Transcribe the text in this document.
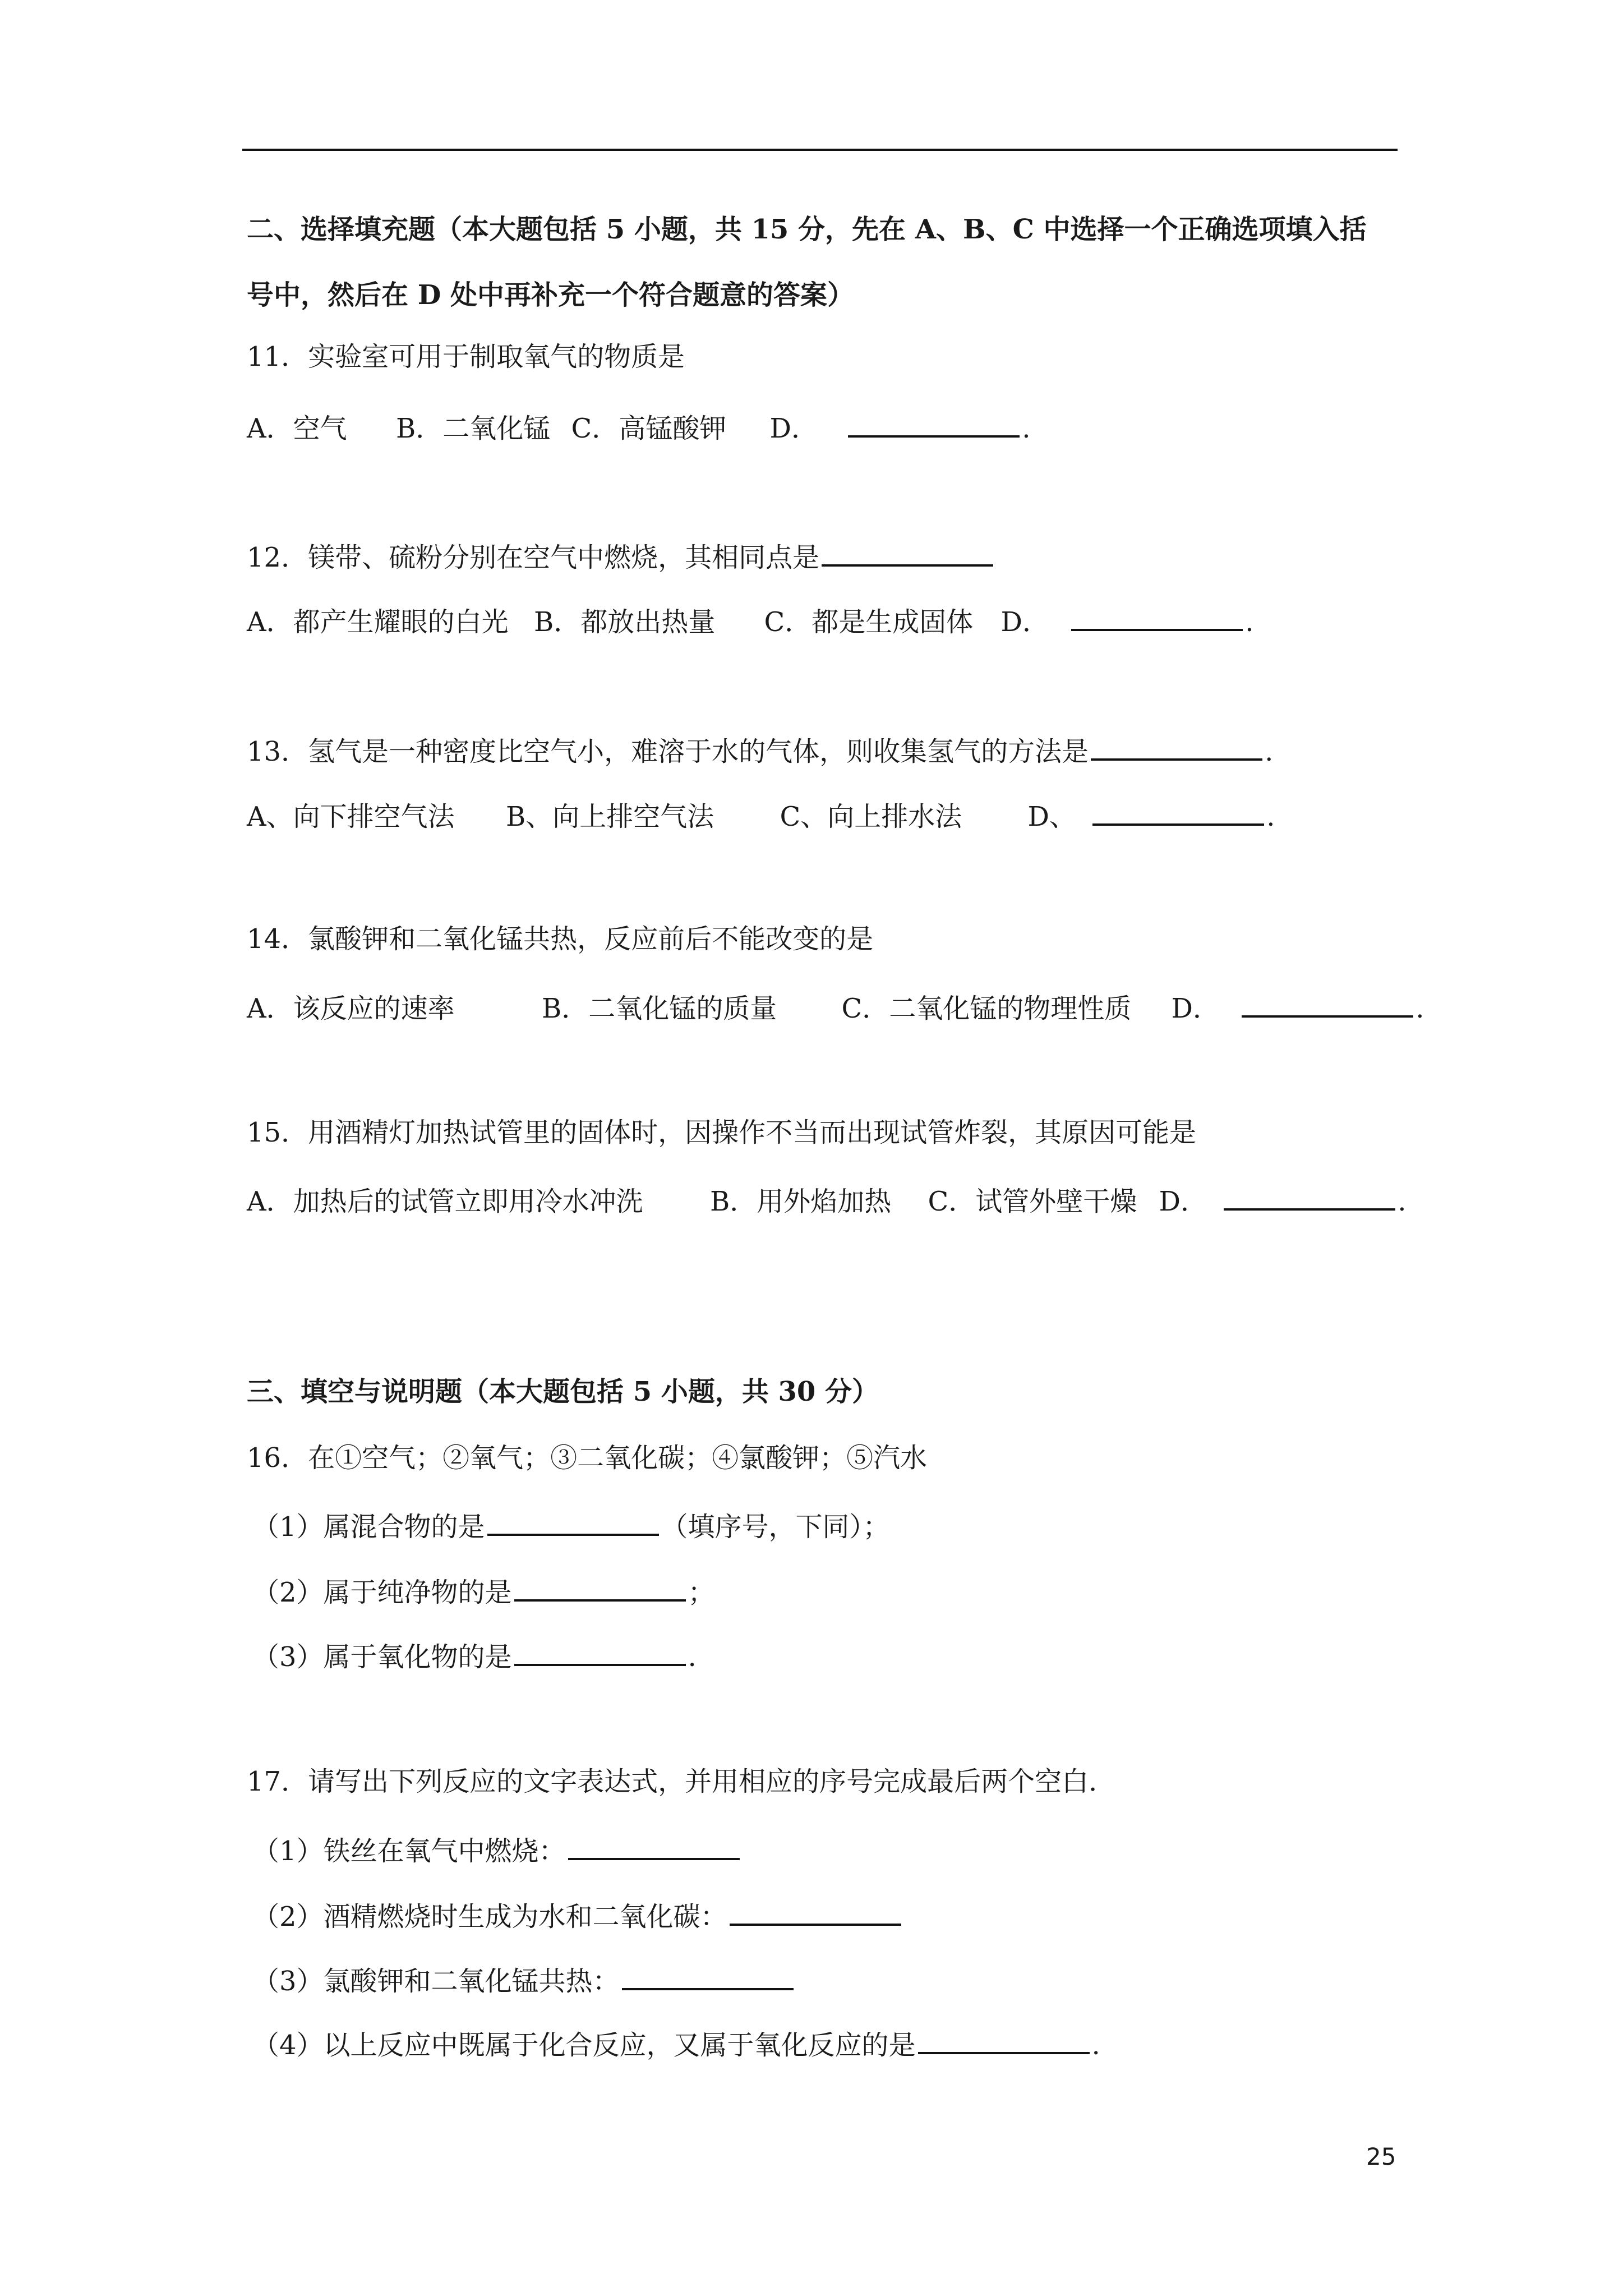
二、选择填充题（本大题包括 5 小题，共 15 分，先在 A、B、C 中选择一个正确选项填入括
号中，然后在 D 处中再补充一个符合题意的答案）
11．实验室可用于制取氧气的物质是
A．空气 B．二氧化锰 C．高锰酸钾 D．	.
12．镁带、硫粉分别在空气中燃烧，其相同点是
A．都产生耀眼的白光 B．都放出热量 C．都是生成固体 D．	.
13．氢气是一种密度比空气小，难溶于水的气体，则收集氢气的方法是	.
A、向下排空气法 B、向上排空气法 C、向上排水法 D、	.
14．氯酸钾和二氧化锰共热，反应前后不能改变的是
A．该反应的速率	B．二氧化锰的质量 C．二氧化锰的物理性质 D．	.
15．用酒精灯加热试管里的固体时，因操作不当而出现试管炸裂，其原因可能是
A．加热后的试管立即用冷水冲洗 B．用外焰加热 C．试管外壁干燥 D．	.
三、填空与说明题（本大题包括 5 小题，共 30 分）
16．在①空气；②氧气；③二氧化碳；④氯酸钾；⑤汽水
（1）属混合物的是	（填序号，下同）；
（2）属于纯净物的是	；
（3）属于氧化物的是	.
17．请写出下列反应的文字表达式，并用相应的序号完成最后两个空白．
（1）铁丝在氧气中燃烧：
（2）酒精燃烧时生成为水和二氧化碳：
（3）氯酸钾和二氧化锰共热：
（4）以上反应中既属于化合反应，又属于氧化反应的是	.
25
